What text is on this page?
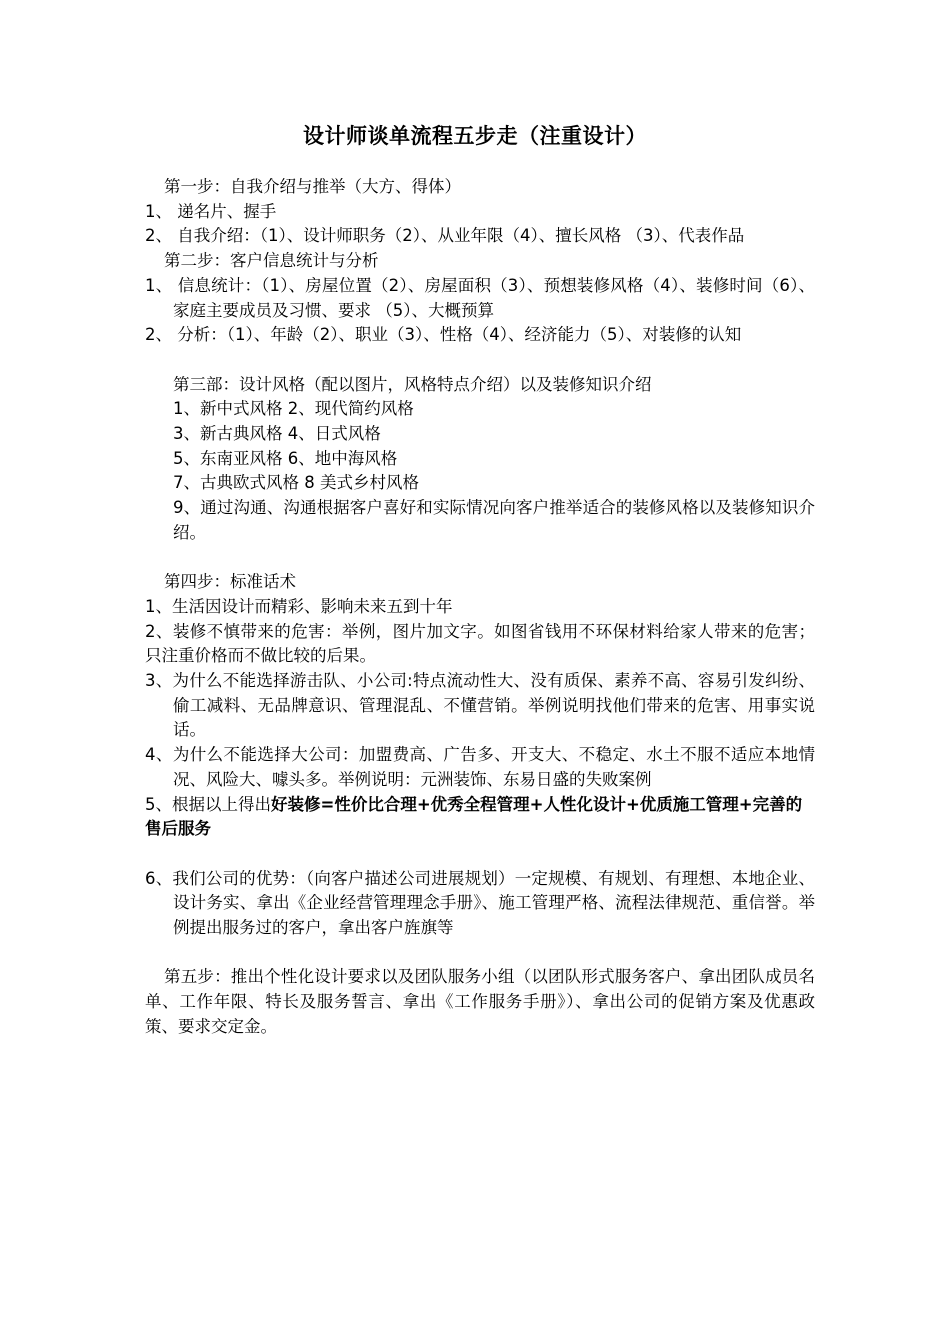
设计师谈单流程五步走（注重设计）

第一步：自我介绍与推举（大方、得体）

1、 递名片、握手

2、 自我介绍：（1）、设计师职务（2）、从业年限（4）、擅长风格 （3）、代表作品

第二步：客户信息统计与分析

1、 信息统计：（1）、房屋位置（2）、房屋面积（3）、预想装修风格（4）、装修时间（6）、家庭主要成员及习惯、要求 （5）、大概预算

2、 分析：（1）、年龄（2）、职业（3）、性格（4）、经济能力（5）、对装修的认知

第三部：设计风格（配以图片，风格特点介绍）以及装修知识介绍

1、新中式风格 2、现代简约风格

3、新古典风格 4、日式风格

5、东南亚风格 6、地中海风格

7、古典欧式风格 8 美式乡村风格

9、通过沟通、沟通根据客户喜好和实际情况向客户推举适合的装修风格以及装修知识介绍。

第四步：标准话术

1、生活因设计而精彩、影响未来五到十年

2、装修不慎带来的危害：举例，图片加文字。如图省钱用不环保材料给家人带来的危害；只注重价格而不做比较的后果。

3、为什么不能选择游击队、小公司:特点流动性大、没有质保、素养不高、容易引发纠纷、偷工减料、无品牌意识、管理混乱、不懂营销。举例说明找他们带来的危害、用事实说话。

4、为什么不能选择大公司：加盟费高、广告多、开支大、不稳定、水土不服不适应本地情况、风险大、噱头多。举例说明：元洲装饰、东易日盛的失败案例

5、根据以上得出好装修=性价比合理+优秀全程管理+人性化设计+优质施工管理+完善的售后服务

6、我们公司的优势：（向客户描述公司进展规划）一定规模、有规划、有理想、本地企业、设计务实、拿出《企业经营管理理念手册》、施工管理严格、流程法律规范、重信誉。举例提出服务过的客户，拿出客户旌旗等

第五步：推出个性化设计要求以及团队服务小组（以团队形式服务客户、拿出团队成员名单、工作年限、特长及服务誓言、拿出《工作服务手册》）、拿出公司的促销方案及优惠政策、要求交定金。
